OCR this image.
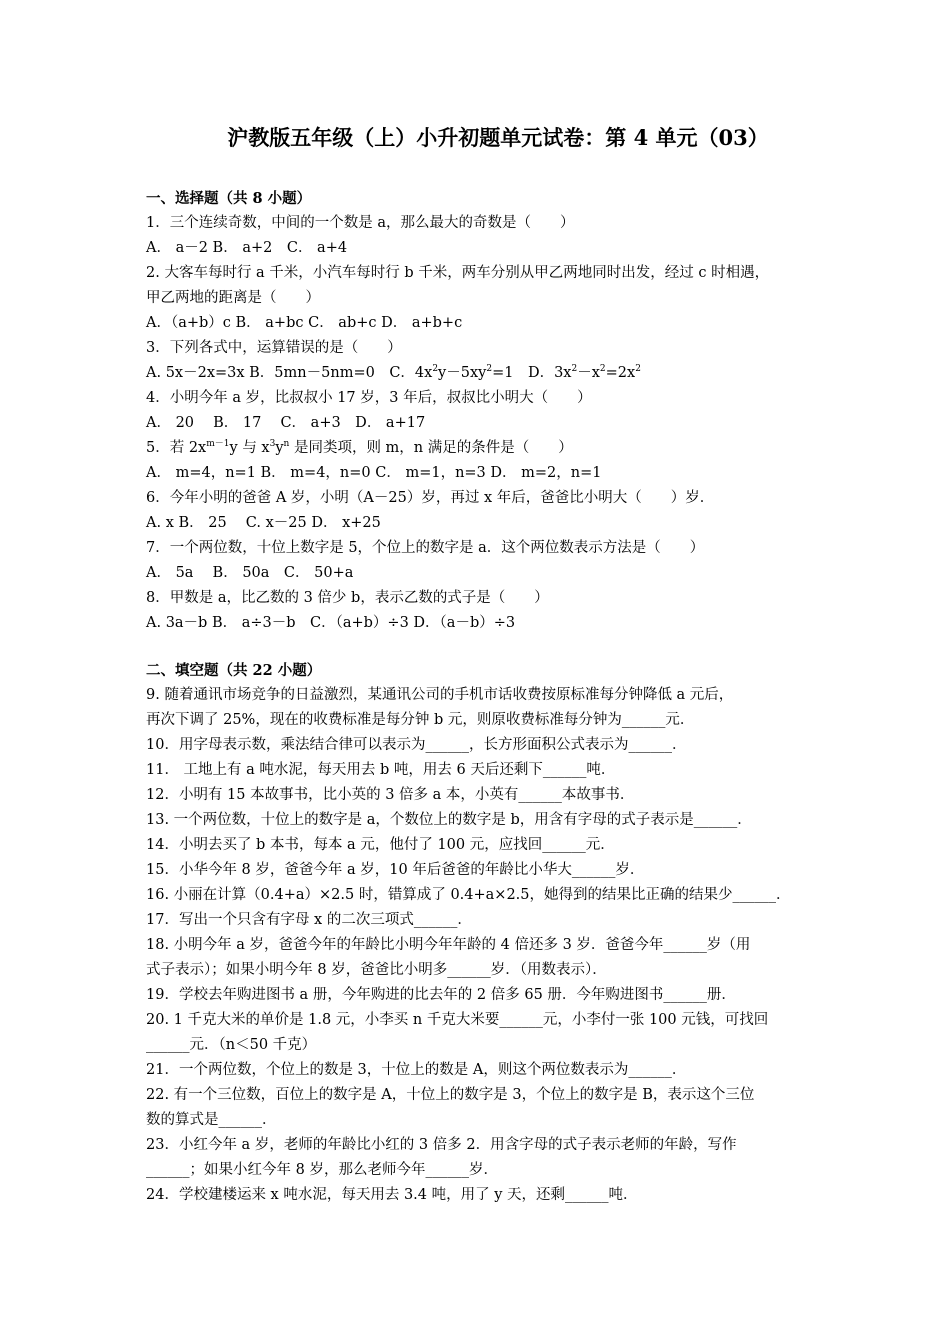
沪教版五年级（上）小升初题单元试卷：第 4 单元（03）

一、选择题（共 8 小题）

1．三个连续奇数，中间的一个数是 a，那么最大的奇数是（　　）

A． a－2 B． a+2　C． a+4

2. 大客车每时行 a 千米，小汽车每时行 b 千米，两车分别从甲乙两地同时出发，经过 c 时相遇，

甲乙两地的距离是（　　）

A．（a+b）c B． a+bc C． ab+c D． a+b+c

3．下列各式中，运算错误的是（　　）

A. 5x－2x=3x B．5mn－5nm=0　C．$4x^2y-5xy^2=1$　D．$3x^2-x^2=2x^2$

4．小明今年 a 岁，比叔叔小 17 岁，3 年后，叔叔比小明大（　　）

A． 20　 B． 17　 C． a+3　D． a+17

5．若 $2x^{m-1}y$ 与 $x^3y^n$ 是同类项，则 m，n 满足的条件是（　　）

A． m=4，n=1 B． m=4，n=0 C． m=1，n=3 D． m=2，n=1

6．今年小明的爸爸 A 岁，小明（A－25）岁，再过 x 年后，爸爸比小明大（　　）岁．

A. x B． 25　 C. x－25 D． x+25

7．一个两位数，十位上数字是 5，个位上的数字是 a．这个两位数表示方法是（　　）

A． 5a　 B． 50a　C． 50+a

8．甲数是 a，比乙数的 3 倍少 b，表示乙数的式子是（　　）

A. 3a－b B． a÷3－b　C．（a+b）÷3 D．（a－b）÷3

二、填空题（共 22 小题）

9. 随着通讯市场竞争的日益激烈，某通讯公司的手机市话收费按原标准每分钟降低 a 元后，

再次下调了 25%，现在的收费标准是每分钟 b 元，则原收费标准每分钟为______元．

10．用字母表示数，乘法结合律可以表示为______，长方形面积公式表示为______．

11． 工地上有 a 吨水泥，每天用去 b 吨，用去 6 天后还剩下______吨．

12．小明有 15 本故事书，比小英的 3 倍多 a 本，小英有______本故事书．

13. 一个两位数，十位上的数字是 a，个数位上的数字是 b，用含有字母的式子表示是______．

14．小明去买了 b 本书，每本 a 元，他付了 100 元，应找回______元．

15．小华今年 8 岁，爸爸今年 a 岁，10 年后爸爸的年龄比小华大______岁．

16. 小丽在计算（0.4+a）×2.5 时，错算成了 0.4+a×2.5，她得到的结果比正确的结果少______．

17．写出一个只含有字母 x 的二次三项式______．

18. 小明今年 a 岁，爸爸今年的年龄比小明今年年龄的 4 倍还多 3 岁．爸爸今年______岁（用

式子表示）；如果小明今年 8 岁，爸爸比小明多______岁．（用数表示）．

19．学校去年购进图书 a 册，今年购进的比去年的 2 倍多 65 册．今年购进图书______册．

20. 1 千克大米的单价是 1.8 元，小李买 n 千克大米要______元，小李付一张 100 元钱，可找回

______元．（n＜50 千克）

21．一个两位数，个位上的数是 3，十位上的数是 A，则这个两位数表示为______．

22. 有一个三位数，百位上的数字是 A，十位上的数字是 3，个位上的数字是 B，表示这个三位

数的算式是______．

23．小红今年 a 岁，老师的年龄比小红的 3 倍多 2．用含字母的式子表示老师的年龄，写作

______；如果小红今年 8 岁，那么老师今年______岁．

24．学校建楼运来 x 吨水泥，每天用去 3.4 吨，用了 y 天，还剩______吨．
